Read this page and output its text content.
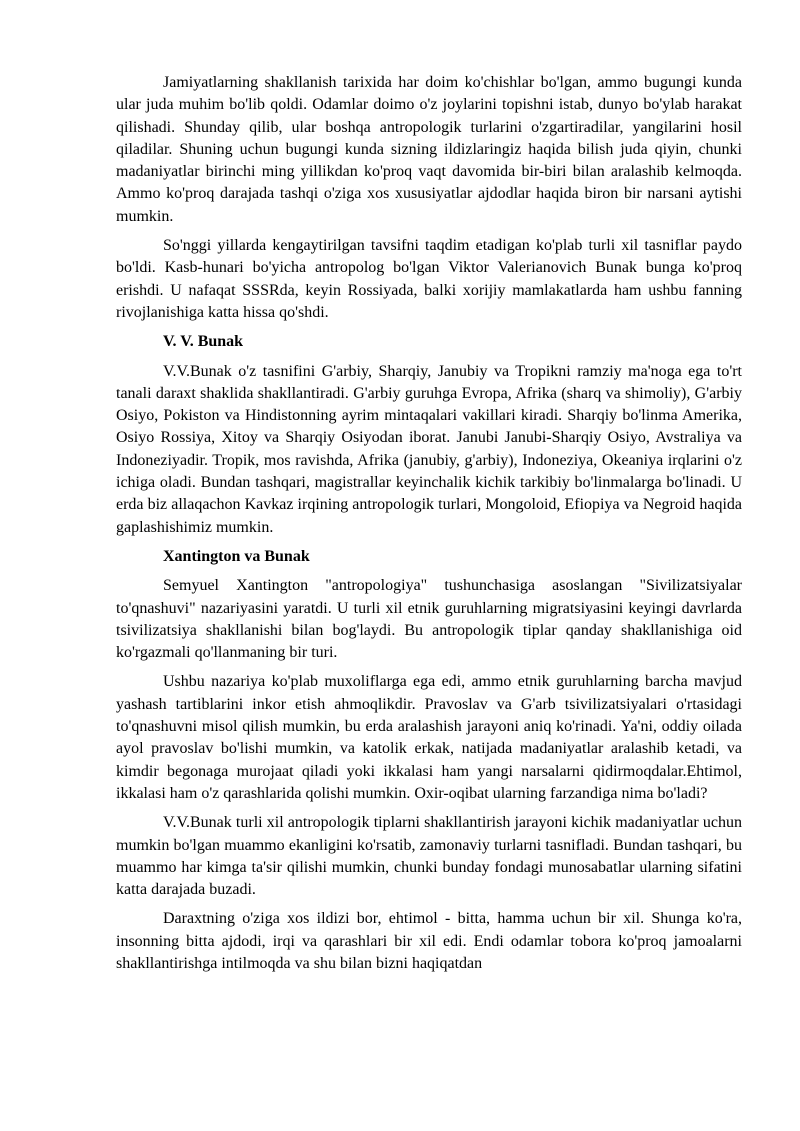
Jamiyatlarning shakllanish tarixida har doim ko'chishlar bo'lgan, ammo bugungi kunda ular juda muhim bo'lib qoldi. Odamlar doimo o'z joylarini topishni istab, dunyo bo'ylab harakat qilishadi. Shunday qilib, ular boshqa antropologik turlarini o'zgartiradilar, yangilarini hosil qiladilar. Shuning uchun bugungi kunda sizning ildizlaringiz haqida bilish juda qiyin, chunki madaniyatlar birinchi ming yillikdan ko'proq vaqt davomida bir-biri bilan aralashib kelmoqda. Ammo ko'proq darajada tashqi o'ziga xos xususiyatlar ajdodlar haqida biron bir narsani aytishi mumkin.

So'nggi yillarda kengaytirilgan tavsifni taqdim etadigan ko'plab turli xil tasniflar paydo bo'ldi. Kasb-hunari bo'yicha antropolog bo'lgan Viktor Valerianovich Bunak bunga ko'proq erishdi. U nafaqat SSSRda, keyin Rossiyada, balki xorijiy mamlakatlarda ham ushbu fanning rivojlanishiga katta hissa qo'shdi.

V. V. Bunak

V.V.Bunak o'z tasnifini G'arbiy, Sharqiy, Janubiy va Tropikni ramziy ma'noga ega to'rt tanali daraxt shaklida shakllantiradi. G'arbiy guruhga Evropa, Afrika (sharq va shimoliy), G'arbiy Osiyo, Pokiston va Hindistonning ayrim mintaqalari vakillari kiradi. Sharqiy bo'linma Amerika, Osiyo Rossiya, Xitoy va Sharqiy Osiyodan iborat. Janubi Janubi-Sharqiy Osiyo, Avstraliya va Indoneziyadir. Tropik, mos ravishda, Afrika (janubiy, g'arbiy), Indoneziya, Okeaniya irqlarini o'z ichiga oladi. Bundan tashqari, magistrallar keyinchalik kichik tarkibiy bo'linmalarga bo'linadi. U erda biz allaqachon Kavkaz irqining antropologik turlari, Mongoloid, Efiopiya va Negroid haqida gaplashishimiz mumkin.

Xantington va Bunak

Semyuel Xantington "antropologiya" tushunchasiga asoslangan "Sivilizatsiyalar to'qnashuvi" nazariyasini yaratdi. U turli xil etnik guruhlarning migratsiyasini keyingi davrlarda tsivilizatsiya shakllanishi bilan bog'laydi. Bu antropologik tiplar qanday shakllanishiga oid ko'rgazmali qo'llanmaning bir turi.

Ushbu nazariya ko'plab muxoliflarga ega edi, ammo etnik guruhlarning barcha mavjud yashash tartiblarini inkor etish ahmoqlikdir. Pravoslav va G'arb tsivilizatsiyalari o'rtasidagi to'qnashuvni misol qilish mumkin, bu erda aralashish jarayoni aniq ko'rinadi. Ya'ni, oddiy oilada ayol pravoslav bo'lishi mumkin, va katolik erkak, natijada madaniyatlar aralashib ketadi, va kimdir begonaga murojaat qiladi yoki ikkalasi ham yangi narsalarni qidirmoqdalar.Ehtimol, ikkalasi ham o'z qarashlarida qolishi mumkin. Oxir-oqibat ularning farzandiga nima bo'ladi?

V.V.Bunak turli xil antropologik tiplarni shakllantirish jarayoni kichik madaniyatlar uchun mumkin bo'lgan muammo ekanligini ko'rsatib, zamonaviy turlarni tasnifladi. Bundan tashqari, bu muammo har kimga ta'sir qilishi mumkin, chunki bunday fondagi munosabatlar ularning sifatini katta darajada buzadi.

Daraxtning o'ziga xos ildizi bor, ehtimol - bitta, hamma uchun bir xil. Shunga ko'ra, insonning bitta ajdodi, irqi va qarashlari bir xil edi. Endi odamlar tobora ko'proq jamoalarni shakllantirishga intilmoqda va shu bilan bizni haqiqatdan
